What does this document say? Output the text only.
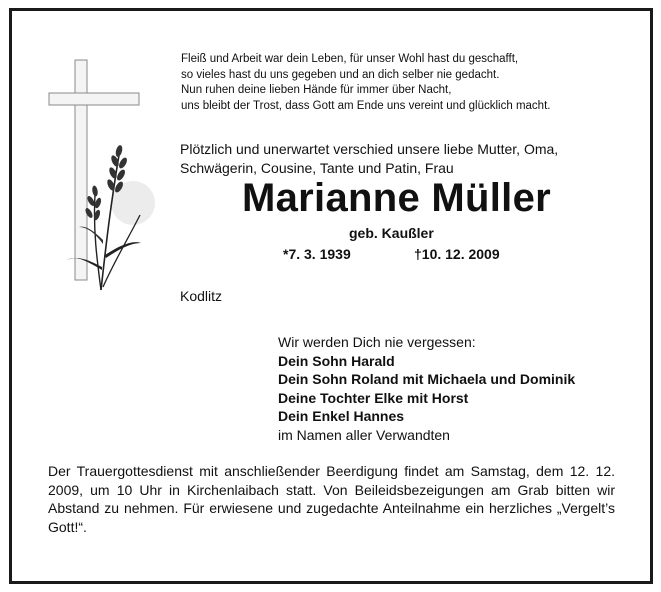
Fleiß und Arbeit war dein Leben, für unser Wohl hast du geschafft,
so vieles hast du uns gegeben und an dich selber nie gedacht.
Nun ruhen deine lieben Hände für immer über Nacht,
uns bleibt der Trost, dass Gott am Ende uns vereint und glücklich macht.
Plötzlich und unerwartet verschied unsere liebe Mutter, Oma,
Schwägerin, Cousine, Tante und Patin, Frau
Marianne Müller
geb. Kaußler
*7. 3. 1939	†10. 12. 2009
Kodlitz
Wir werden Dich nie vergessen:
Dein Sohn Harald
Dein Sohn Roland mit Michaela und Dominik
Deine Tochter Elke mit Horst
Dein Enkel Hannes
im Namen aller Verwandten
Der Trauergottesdienst mit anschließender Beerdigung findet am Samstag, dem 12. 12. 2009, um 10 Uhr in Kirchenlaibach statt. Von Beileidsbezeigungen am Grab bitten wir Abstand zu nehmen. Für erwiesene und zugedachte Anteilnahme ein herzliches „Vergelt’s Gott!“.
